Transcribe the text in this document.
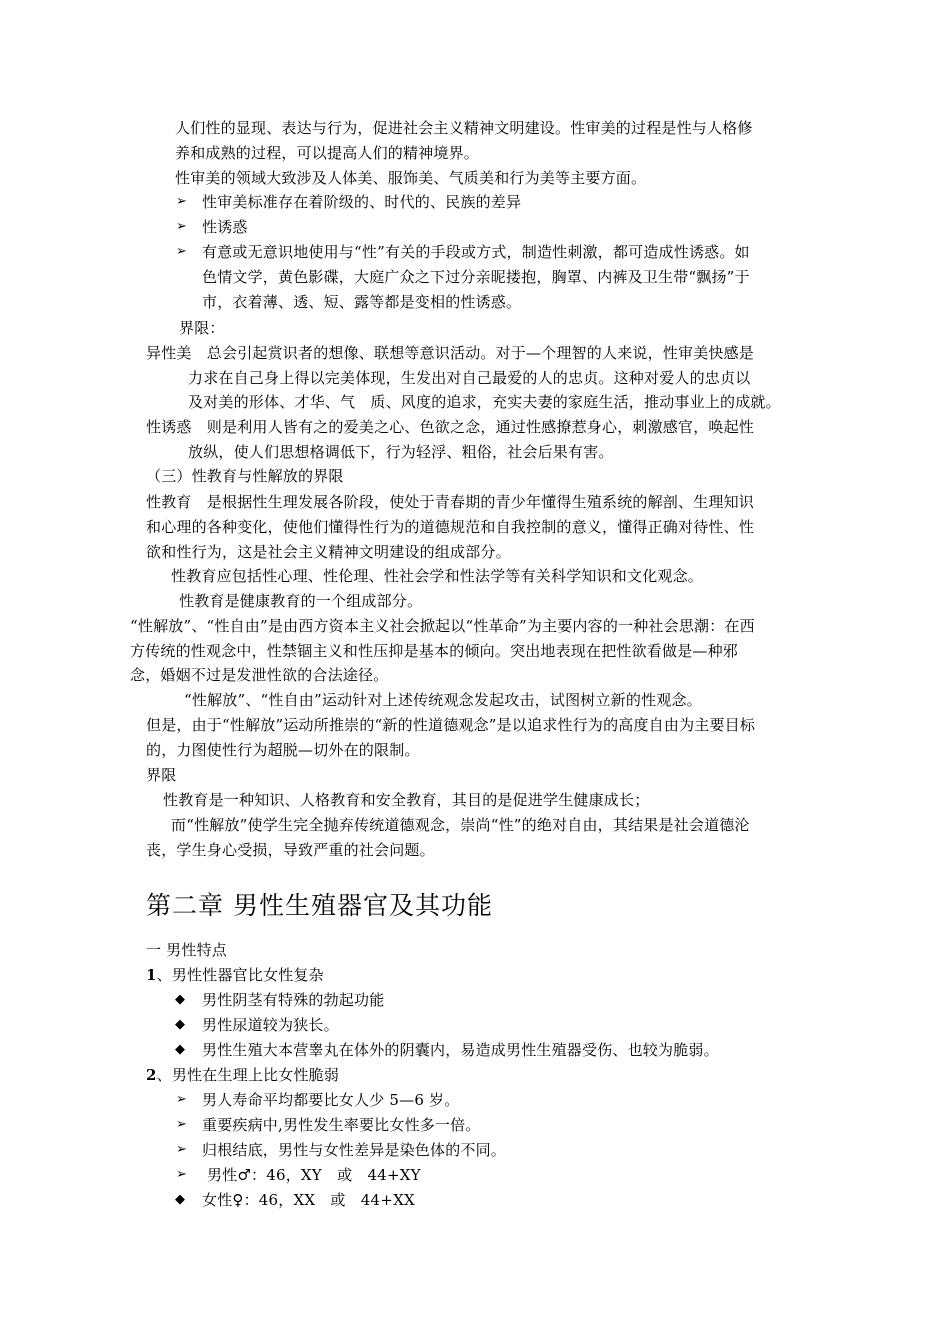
人们性的显现、表达与行为，促进社会主义精神文明建设。性审美的过程是性与人格修
养和成熟的过程，可以提高人们的精神境界。
性审美的领域大致涉及人体美、服饰美、气质美和行为美等主要方面。
➢ 性审美标准存在着阶级的、时代的、民族的差异
➢ 性诱惑
➢ 有意或无意识地使用与“性”有关的手段或方式，制造性刺激，都可造成性诱惑。如
色情文学，黄色影碟，大庭广众之下过分亲昵搂抱，胸罩、内裤及卫生带“飘扬”于
市，衣着薄、透、短、露等都是变相的性诱惑。
界限：
异性美　总会引起赏识者的想像、联想等意识活动。对于—个理智的人来说，性审美快感是
力求在自己身上得以完美体现，生发出对自己最爱的人的忠贞。这种对爱人的忠贞以
及对美的形体、才华、气　质、风度的追求，充实夫妻的家庭生活，推动事业上的成就。
性诱惑　则是利用人皆有之的爱美之心、色欲之念，通过性感撩惹身心，刺激感官，唤起性
放纵，使人们思想格调低下，行为轻浮、粗俗，社会后果有害。
（三）性教育与性解放的界限
性教育　是根据性生理发展各阶段，使处于青春期的青少年懂得生殖系统的解剖、生理知识
和心理的各种变化，使他们懂得性行为的道德规范和自我控制的意义，懂得正确对待性、性
欲和性行为，这是社会主义精神文明建设的组成部分。
性教育应包括性心理、性伦理、性社会学和性法学等有关科学知识和文化观念。
性教育是健康教育的一个组成部分。
“性解放”、“性自由”是由西方资本主义社会掀起以“性革命”为主要内容的一种社会思潮：在西
方传统的性观念中，性禁锢主义和性压抑是基本的倾向。突出地表现在把性欲看做是—种邪
念，婚姻不过是发泄性欲的合法途径。
“性解放”、“性自由”运动针对上述传统观念发起攻击，试图树立新的性观念。
但是，由于“性解放”运动所推崇的“新的性道德观念”是以追求性行为的高度自由为主要目标
的，力图使性行为超脱—切外在的限制。
界限
性教育是一种知识、人格教育和安全教育，其目的是促进学生健康成长；
而“性解放”使学生完全抛弃传统道德观念，崇尚“性”的绝对自由，其结果是社会道德沦
丧，学生身心受损，导致严重的社会问题。
第二章 男性生殖器官及其功能
一 男性特点
1、男性性器官比女性复杂
◆ 男性阴茎有特殊的勃起功能
◆ 男性尿道较为狭长。
◆ 男性生殖大本营睾丸在体外的阴囊内，易造成男性生殖器受伤、也较为脆弱。
2、男性在生理上比女性脆弱
➢ 男人寿命平均都要比女人少 5—6 岁。
➢ 重要疾病中,男性发生率要比女性多一倍。
➢ 归根结底，男性与女性差异是染色体的不同。
➢ 男性♂：46，XY　或　44+XY
◆ 女性♀：46，XX　或　44+XX
